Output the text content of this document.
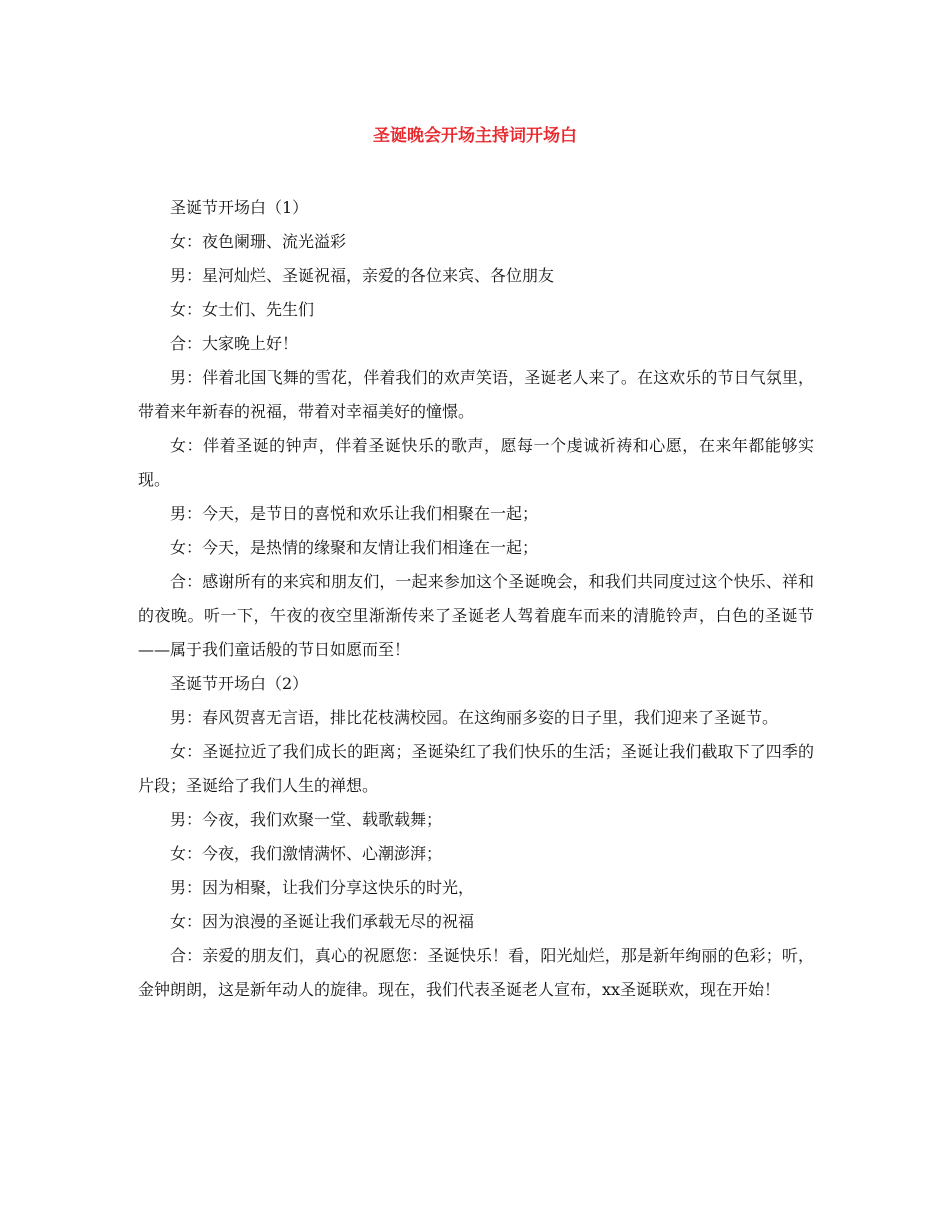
圣诞晚会开场主持词开场白

圣诞节开场白（1）

女：夜色阑珊、流光溢彩

男：星河灿烂、圣诞祝福，亲爱的各位来宾、各位朋友

女：女士们、先生们

合：大家晚上好！

男：伴着北国飞舞的雪花，伴着我们的欢声笑语，圣诞老人来了。在这欢乐的节日气氛里，带着来年新春的祝福，带着对幸福美好的憧憬。

女：伴着圣诞的钟声，伴着圣诞快乐的歌声，愿每一个虔诚祈祷和心愿，在来年都能够实现。

男：今天，是节日的喜悦和欢乐让我们相聚在一起；

女：今天，是热情的缘聚和友情让我们相逢在一起；

合：感谢所有的来宾和朋友们，一起来参加这个圣诞晚会，和我们共同度过这个快乐、祥和的夜晚。听一下，午夜的夜空里渐渐传来了圣诞老人驾着鹿车而来的清脆铃声，白色的圣诞节——属于我们童话般的节日如愿而至！

圣诞节开场白（2）

男：春风贺喜无言语，排比花枝满校园。在这绚丽多姿的日子里，我们迎来了圣诞节。

女：圣诞拉近了我们成长的距离；圣诞染红了我们快乐的生活；圣诞让我们截取下了四季的片段；圣诞给了我们人生的禅想。

男：今夜，我们欢聚一堂、载歌载舞；

女：今夜，我们激情满怀、心潮澎湃；

男：因为相聚，让我们分享这快乐的时光，

女：因为浪漫的圣诞让我们承载无尽的祝福

合：亲爱的朋友们，真心的祝愿您：圣诞快乐！看，阳光灿烂，那是新年绚丽的色彩；听，金钟朗朗，这是新年动人的旋律。现在，我们代表圣诞老人宣布，xx圣诞联欢，现在开始！
